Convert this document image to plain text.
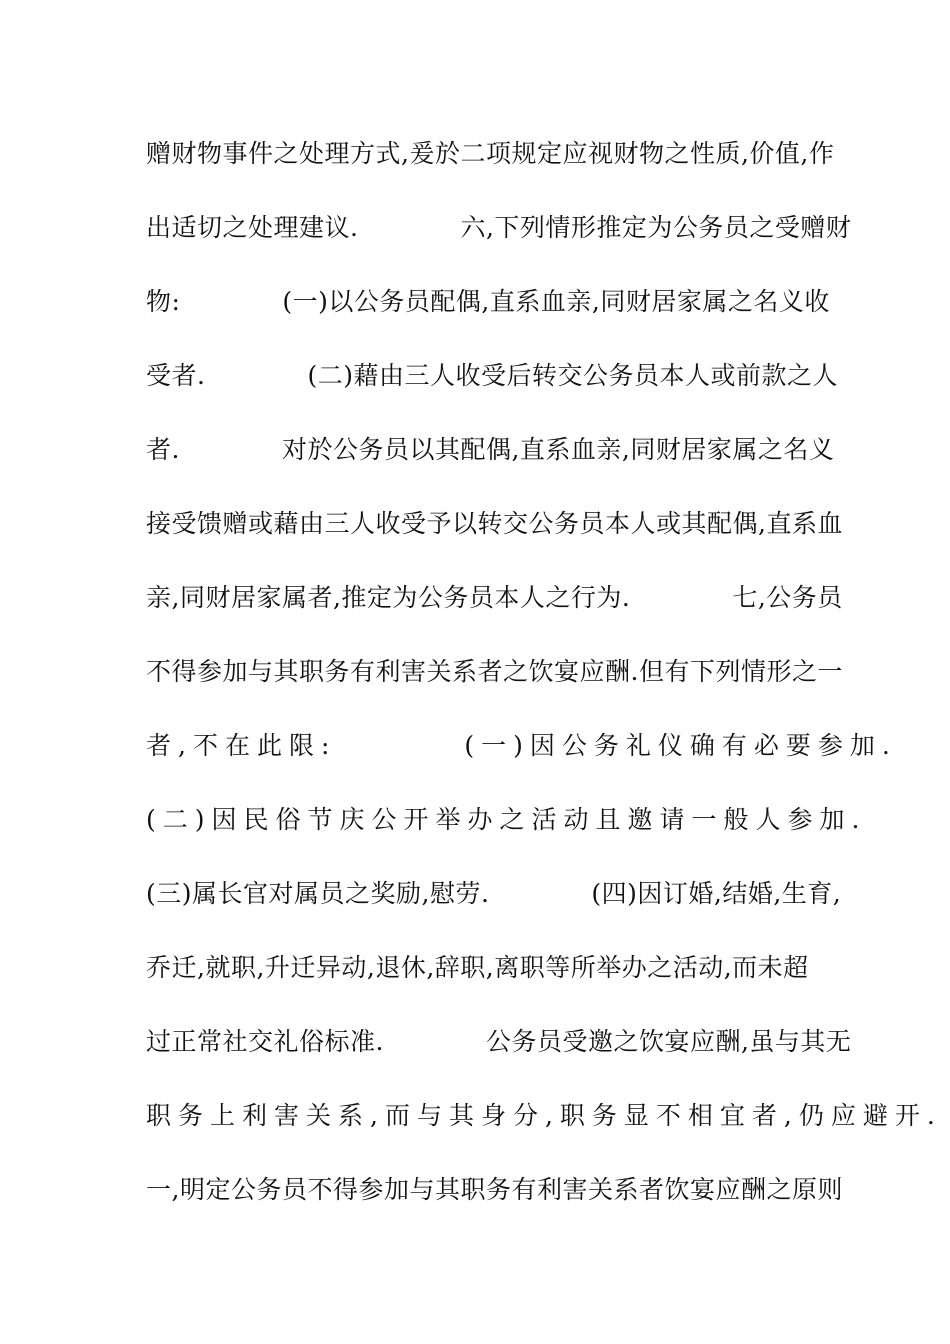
赠财物事件之处理方式,爰於二项规定应视财物之性质,价值,作
出适切之处理建议.　　　　六,下列情形推定为公务员之受赠财
物:　　　　(一)以公务员配偶,直系血亲,同财居家属之名义收
受者.　　　　(二)藉由三人收受后转交公务员本人或前款之人
者.　　　　对於公务员以其配偶,直系血亲,同财居家属之名义
接受馈赠或藉由三人收受予以转交公务员本人或其配偶,直系血
亲,同财居家属者,推定为公务员本人之行为.　　　　七,公务员
不得参加与其职务有利害关系者之饮宴应酬.但有下列情形之一
者,不在此限:　　　　(一)因公务礼仪确有必要参加.
(二)因民俗节庆公开举办之活动且邀请一般人参加.
(三)属长官对属员之奖励,慰劳.　　　　(四)因订婚,结婚,生育,
乔迁,就职,升迁异动,退休,辞职,离职等所举办之活动,而未超
过正常社交礼俗标准.　　　　公务员受邀之饮宴应酬,虽与其无
职务上利害关系,而与其身分,职务显不相宜者,仍应避开.
一,明定公务员不得参加与其职务有利害关系者饮宴应酬之原则
